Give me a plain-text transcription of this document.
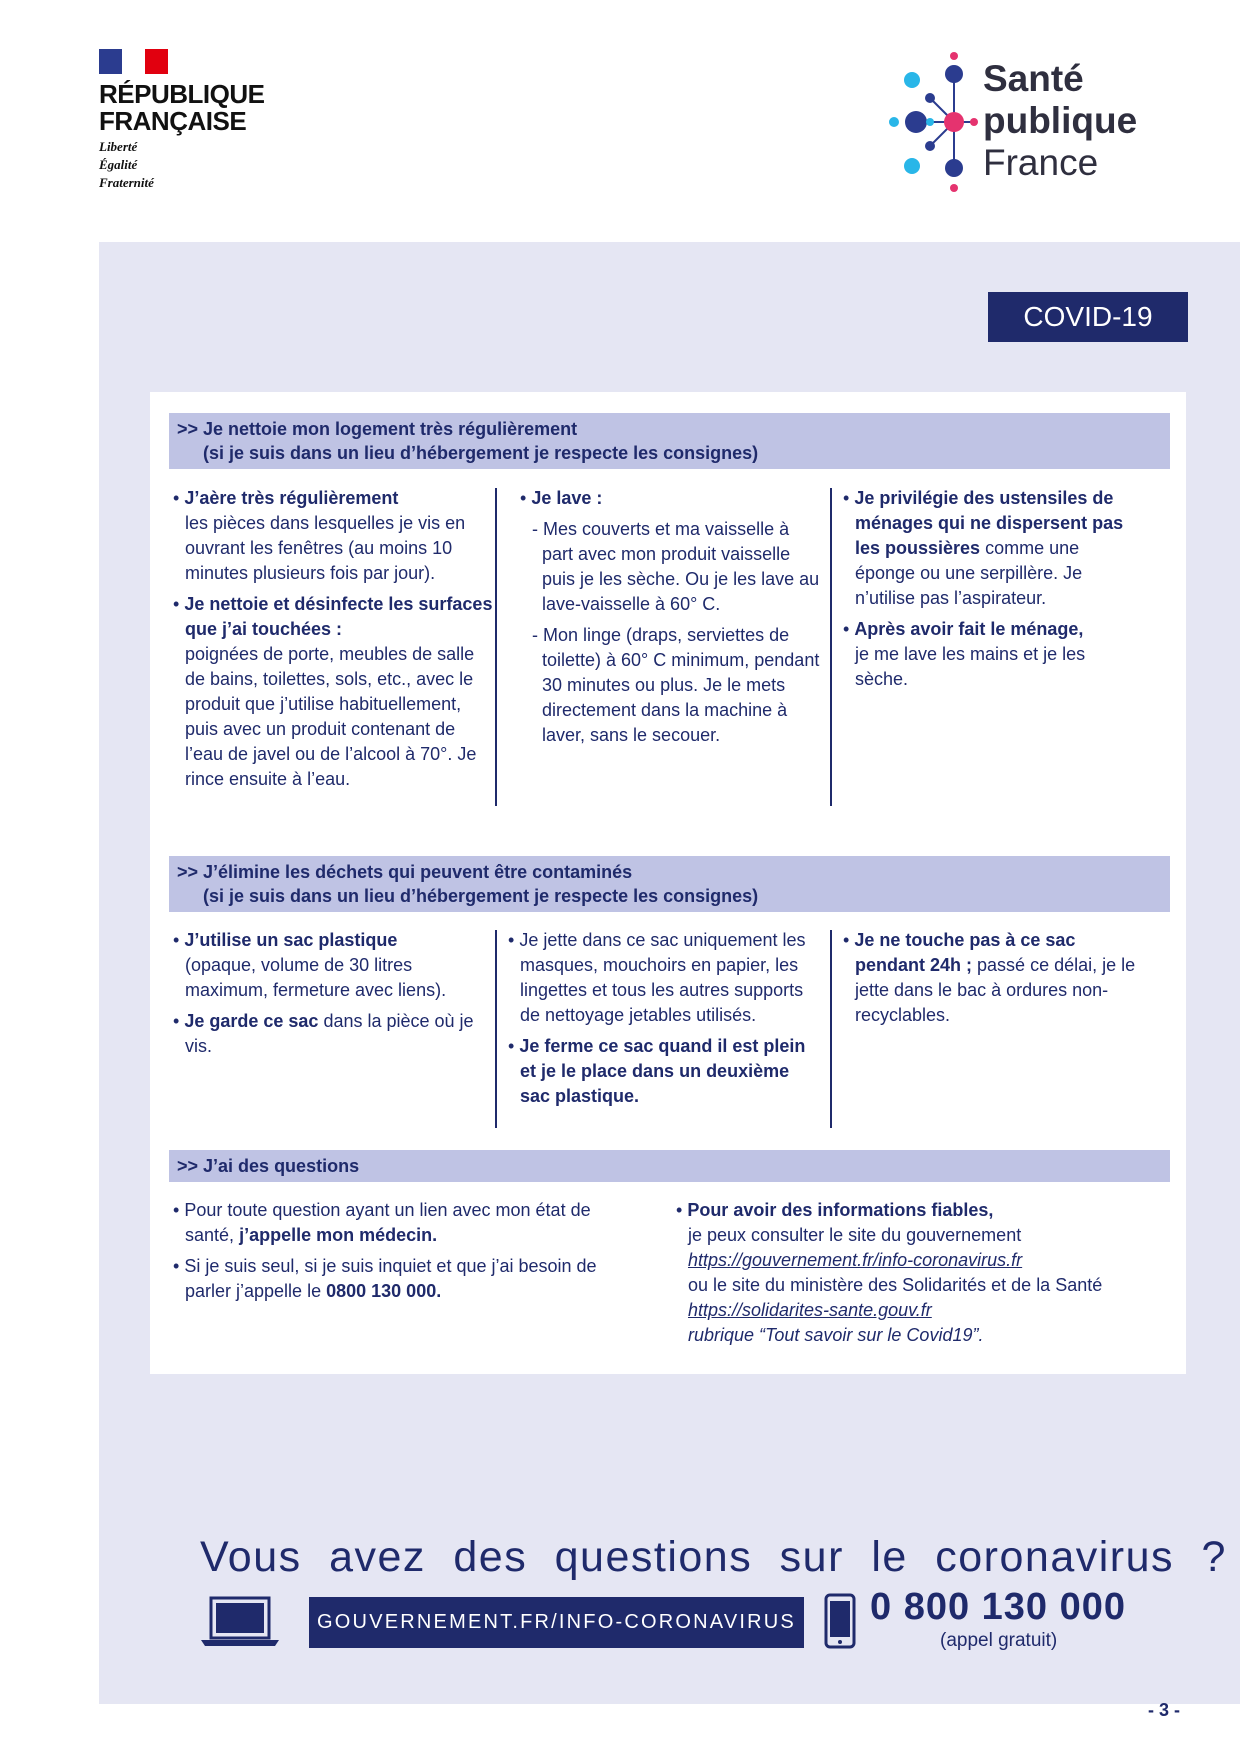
RÉPUBLIQUE
FRANÇAISE
Liberté
Égalité
Fraternité
Santé
publique
France
COVID-19
>> Je nettoie mon logement très régulièrement
(si je suis dans un lieu d’hébergement je respecte les consignes)

• J’aère très régulièrement
les pièces dans lesquelles je vis en ouvrant les fenêtres (au moins 10 minutes plusieurs fois par jour).

• Je nettoie et désinfecte les surfaces que j’ai touchées :
poignées de porte, meubles de salle de bains, toilettes, sols, etc., avec le produit que j’utilise habituellement, puis avec un produit contenant de l’eau de javel ou de l’alcool à 70°. Je rince ensuite à l’eau.

• Je lave :

- Mes couverts et ma vaisselle à part avec mon produit vaisselle puis je les sèche. Ou je les lave au lave-vaisselle à 60° C.
- Mon linge (draps, serviettes de toilette) à 60° C minimum, pendant 30 minutes ou plus. Je le mets directement dans la machine à laver, sans le secouer.

• Je privilégie des ustensiles de ménages qui ne dispersent pas les poussières comme une éponge ou une serpillère. Je n’utilise pas l’aspirateur.

• Après avoir fait le ménage,
je me lave les mains et je les sèche.

>> J’élimine les déchets qui peuvent être contaminés
(si je suis dans un lieu d’hébergement je respecte les consignes)

• J’utilise un sac plastique
(opaque, volume de 30 litres maximum, fermeture avec liens).

• Je garde ce sac dans la pièce où je vis.

• Je jette dans ce sac uniquement les masques, mouchoirs en papier, les lingettes et tous les autres supports de nettoyage jetables utilisés.

• Je ferme ce sac quand il est plein et je le place dans un deuxième sac plastique.

• Je ne touche pas à ce sac pendant 24h ; passé ce délai, je le jette dans le bac à ordures non-recyclables.

>> J’ai des questions

• Pour toute question ayant un lien avec mon état de santé, j’appelle mon médecin.

• Si je suis seul, si je suis inquiet et que j’ai besoin de parler j’appelle le 0800 130 000.

• Pour avoir des informations fiables,
je peux consulter le site du gouvernement
https://gouvernement.fr/info-coronavirus.fr
ou le site du ministère des Solidarités et de la Santé
https://solidarites-sante.gouv.fr
rubrique “Tout savoir sur le Covid19”.

Vous avez des questions sur le coronavirus ?
GOUVERNEMENT.FR/INFO-CORONAVIRUS 0 800 130 000
(appel gratuit)
- 3 -
